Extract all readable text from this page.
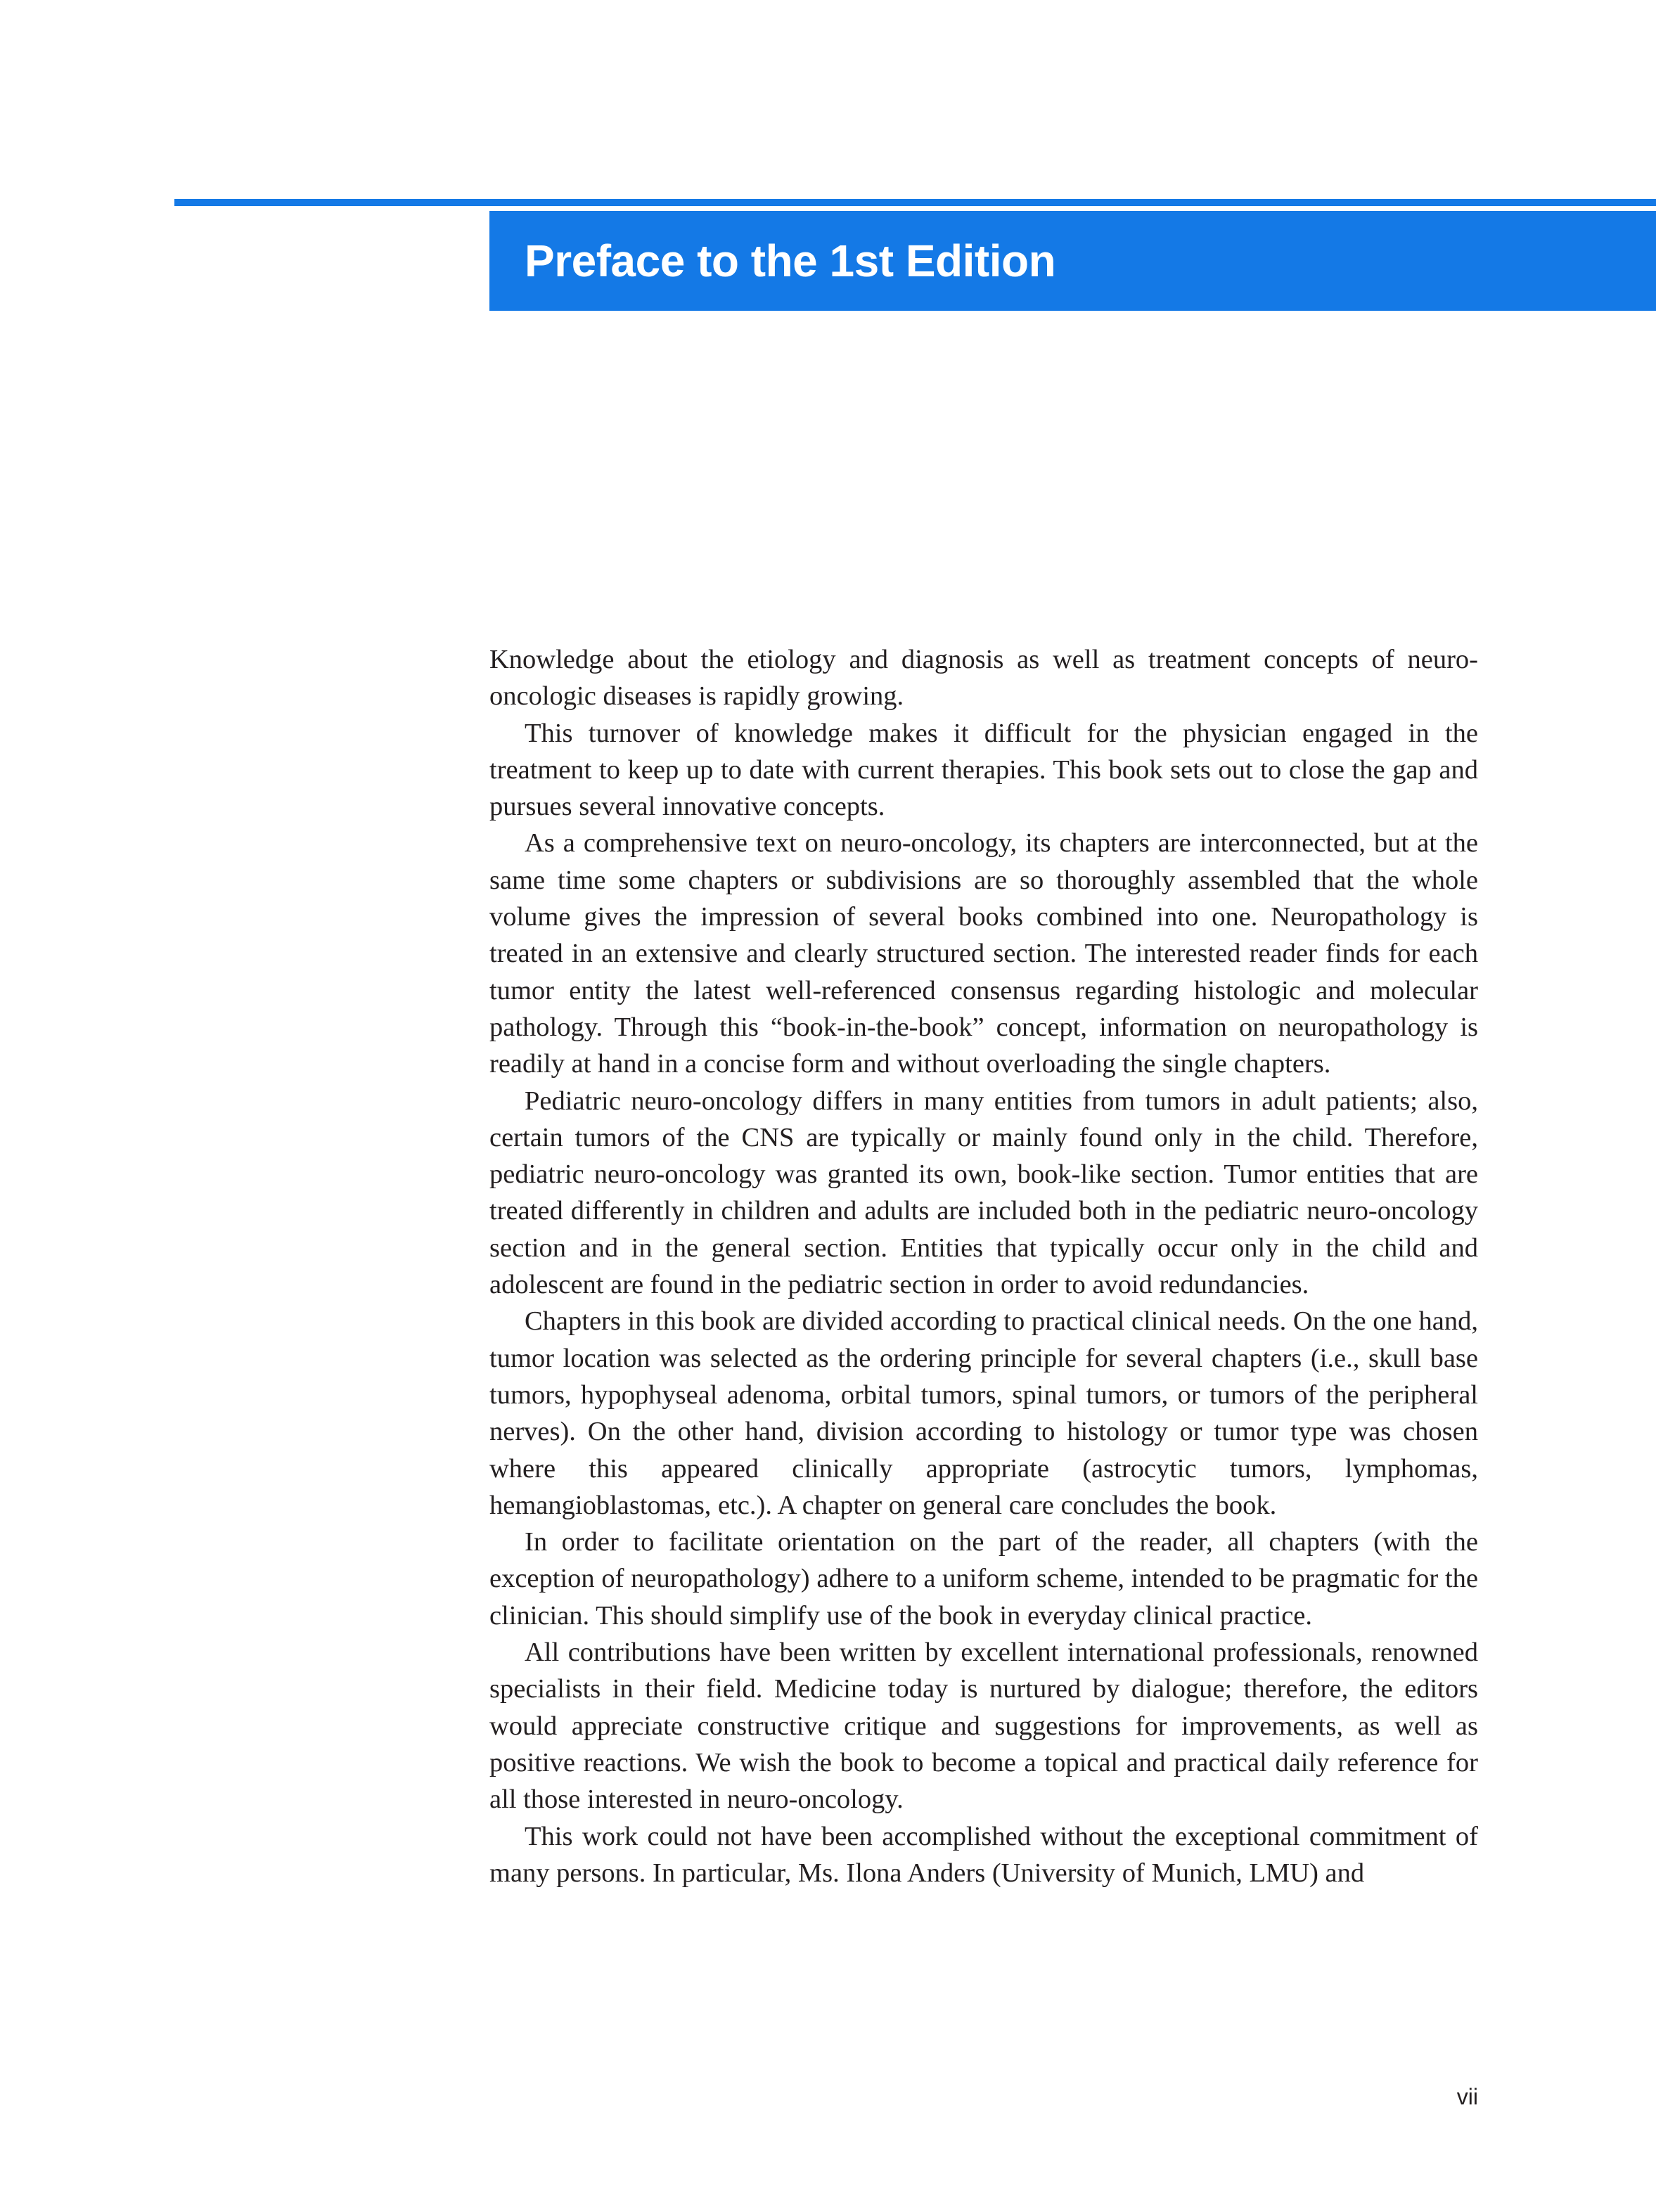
Preface to the 1st Edition

Knowledge about the etiology and diagnosis as well as treatment concepts of neuro-oncologic diseases is rapidly growing.

This turnover of knowledge makes it difficult for the physician engaged in the treatment to keep up to date with current therapies. This book sets out to close the gap and pursues several innovative concepts.

As a comprehensive text on neuro-oncology, its chapters are interconnected, but at the same time some chapters or subdivisions are so thoroughly assembled that the whole volume gives the impression of several books combined into one. Neuropathology is treated in an extensive and clearly structured section. The interested reader finds for each tumor entity the latest well-referenced consensus regarding histologic and molecular pathology. Through this “book-in-the-book” concept, information on neuropathology is readily at hand in a concise form and without overloading the single chapters.

Pediatric neuro-oncology differs in many entities from tumors in adult patients; also, certain tumors of the CNS are typically or mainly found only in the child. Therefore, pediatric neuro-oncology was granted its own, book-like section. Tumor entities that are treated differently in children and adults are included both in the pediatric neuro-oncology section and in the general section. Entities that typically occur only in the child and adolescent are found in the pediatric section in order to avoid redundancies.

Chapters in this book are divided according to practical clinical needs. On the one hand, tumor location was selected as the ordering principle for several chapters (i.e., skull base tumors, hypophyseal adenoma, orbital tumors, spinal tumors, or tumors of the peripheral nerves). On the other hand, division according to histology or tumor type was chosen where this appeared clinically appropriate (astrocytic tumors, lymphomas, hemangioblastomas, etc.). A chapter on general care concludes the book.

In order to facilitate orientation on the part of the reader, all chapters (with the exception of neuropathology) adhere to a uniform scheme, intended to be pragmatic for the clinician. This should simplify use of the book in everyday clinical practice.

All contributions have been written by excellent international professionals, renowned specialists in their field. Medicine today is nurtured by dialogue; therefore, the editors would appreciate constructive critique and suggestions for improvements, as well as positive reactions. We wish the book to become a topical and practical daily reference for all those interested in neuro-oncology.

This work could not have been accomplished without the exceptional commitment of many persons. In particular, Ms. Ilona Anders (University of Munich, LMU) and

vii
